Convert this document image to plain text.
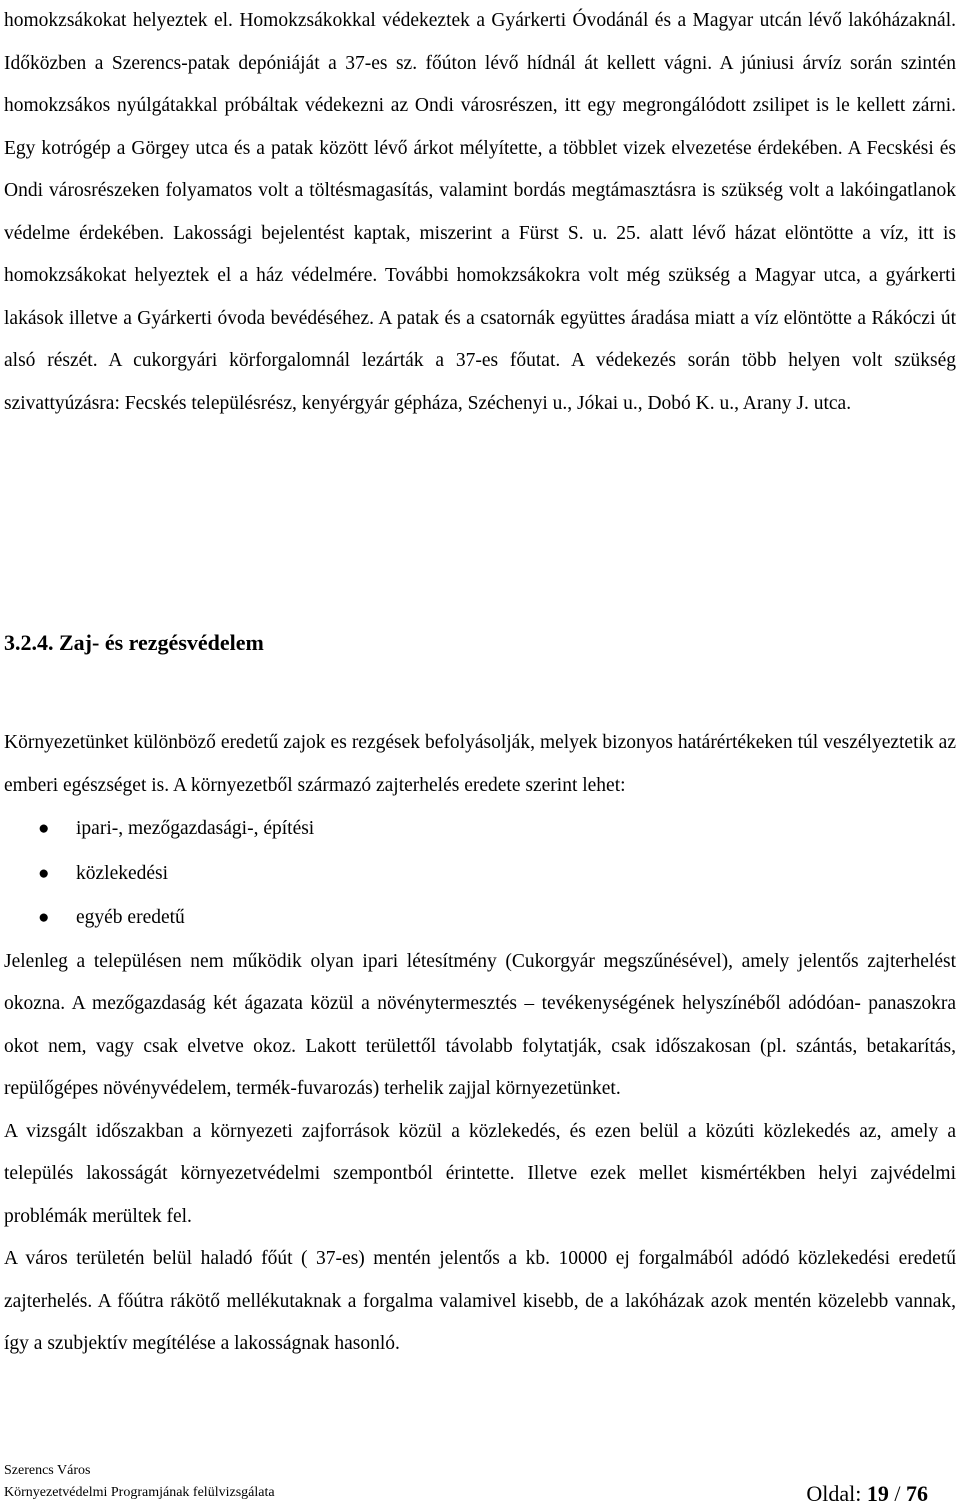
homokzsákokat helyeztek el. Homokzsákokkal védekeztek a Gyárkerti Óvodánál és a Magyar utcán lévő lakóházaknál. Időközben a Szerencs-patak depóniáját a 37-es sz. főúton lévő hídnál át kellett vágni. A júniusi árvíz során szintén homokzsákos nyúlgátakkal próbáltak védekezni az Ondi városrészen, itt egy megrongálódott zsilipet is le kellett zárni. Egy kotrógép a Görgey utca és a patak között lévő árkot mélyítette, a többlet vizek elvezetése érdekében. A Fecskési és Ondi városrészeken folyamatos volt a töltésmagasítás, valamint bordás megtámasztásra is szükség volt a lakóingatlanok védelme érdekében. Lakossági bejelentést kaptak, miszerint a Fürst S. u. 25. alatt lévő házat elöntötte a víz, itt is homokzsákokat helyeztek el a ház védelmére. További homokzsákokra volt még szükség a Magyar utca, a gyárkerti lakások illetve a Gyárkerti óvoda bevédéséhez. A patak és a csatornák együttes áradása miatt a víz elöntötte a Rákóczi út alsó részét. A cukorgyári körforgalomnál lezárták a 37-es főutat. A védekezés során több helyen volt szükség szivattyúzásra: Fecskés településrész, kenyérgyár gépháza, Széchenyi u., Jókai u., Dobó K. u., Arany J. utca.

3.2.4. Zaj- és rezgésvédelem

Környezetünket különböző eredetű zajok es rezgések befolyásolják, melyek bizonyos határértékeken túl veszélyeztetik az emberi egészséget is. A környezetből származó zajterhelés eredete szerint lehet:

● ipari-, mezőgazdasági-, építési
● közlekedési
● egyéb eredetű

Jelenleg a településen nem működik olyan ipari létesítmény (Cukorgyár megszűnésével), amely jelentős zajterhelést okozna. A mezőgazdaság két ágazata közül a növénytermesztés – tevékenységének helyszínéből adódóan- panaszokra okot nem, vagy csak elvetve okoz. Lakott területtől távolabb folytatják, csak időszakosan (pl. szántás, betakarítás, repülőgépes növényvédelem, termék-fuvarozás) terhelik zajjal környezetünket.

A vizsgált időszakban a környezeti zajforrások közül a közlekedés, és ezen belül a közúti közlekedés az, amely a település lakosságát környezetvédelmi szempontból érintette. Illetve ezek mellet kismértékben helyi zajvédelmi problémák merültek fel.

A város területén belül haladó főút ( 37-es) mentén jelentős a kb. 10000 ej forgalmából adódó közlekedési eredetű zajterhelés. A főútra rákötő mellékutaknak a forgalma valamivel kisebb, de a lakóházak azok mentén közelebb vannak, így a szubjektív megítélése a lakosságnak hasonló.

Szerencs Város
Környezetvédelmi Programjának felülvizsgálata	Oldal: 19 / 76
